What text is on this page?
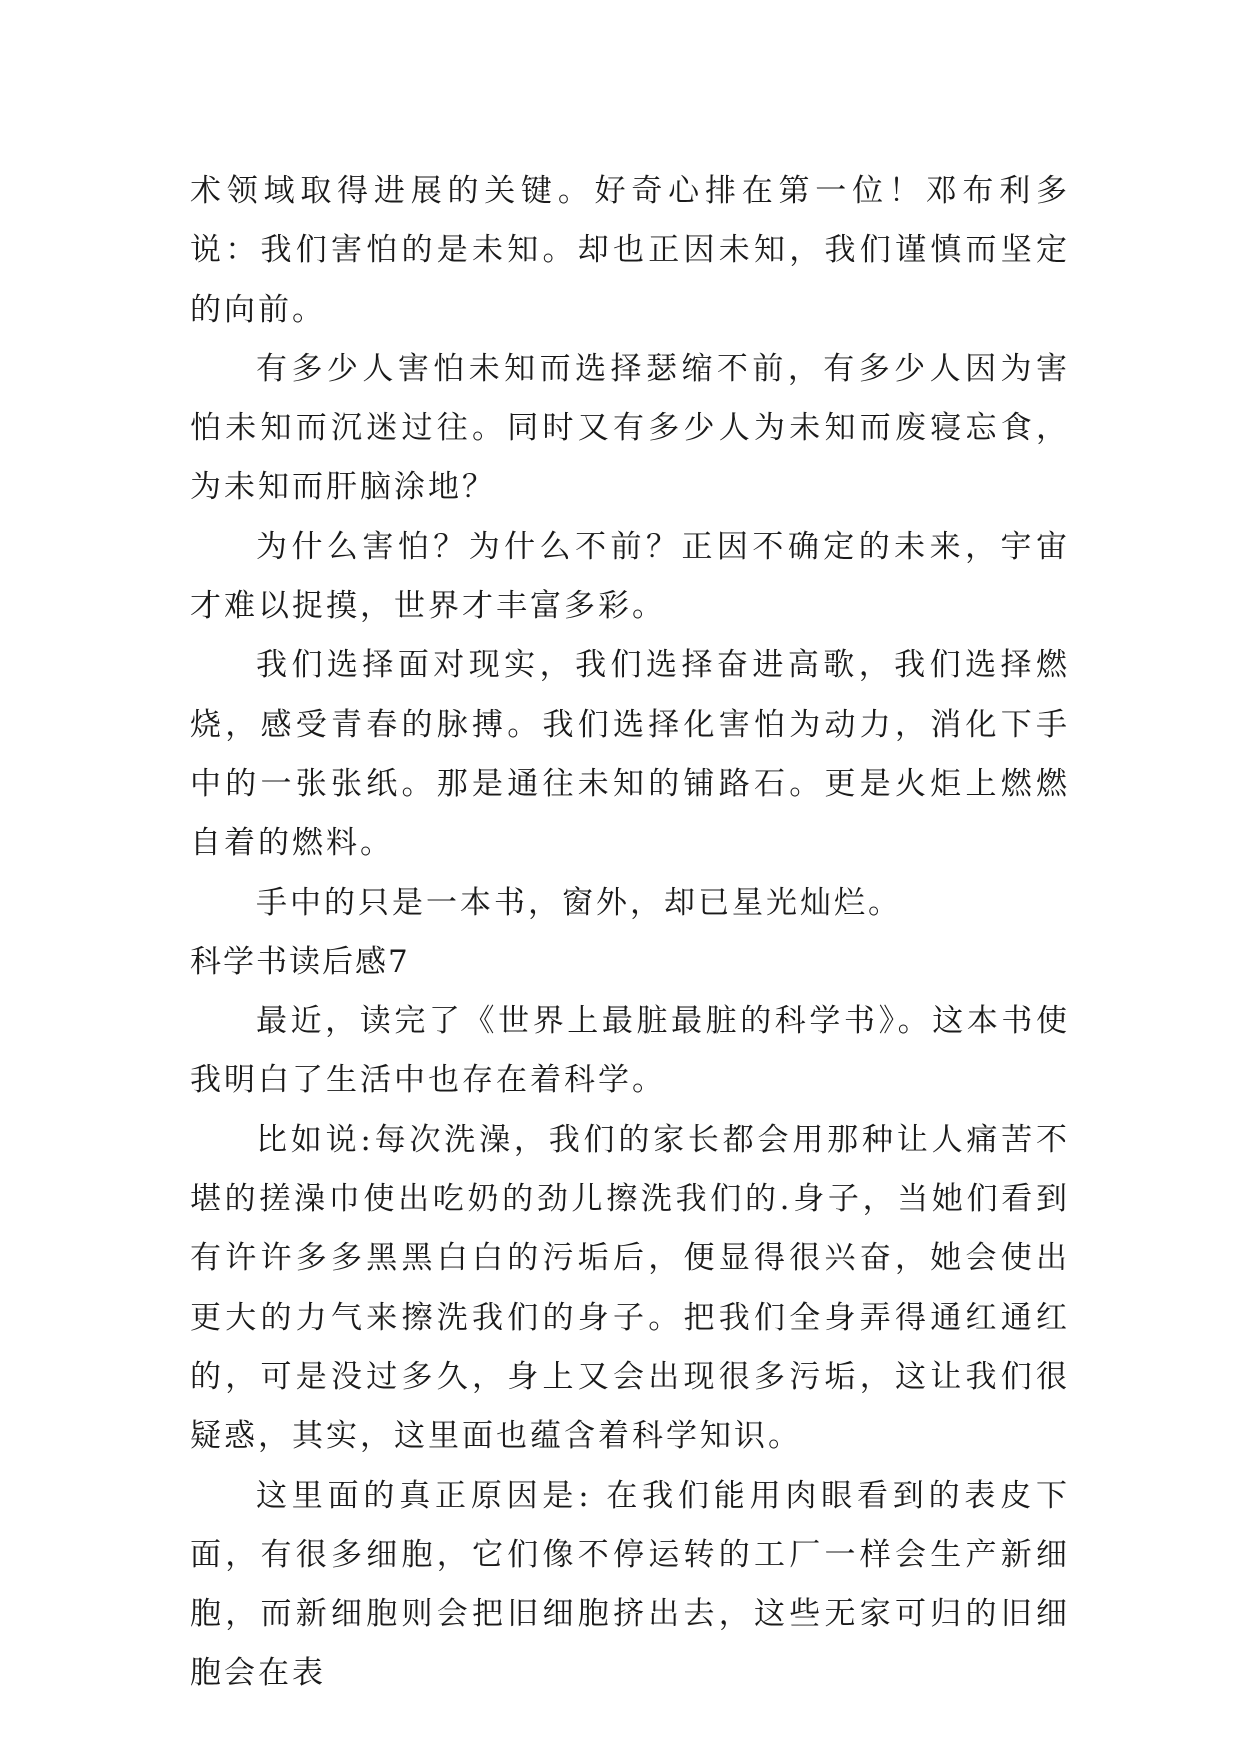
术领域取得进展的关键。好奇心排在第一位！邓布利多说：我们害怕的是未知。却也正因未知，我们谨慎而坚定的向前。

有多少人害怕未知而选择瑟缩不前，有多少人因为害怕未知而沉迷过往。同时又有多少人为未知而废寝忘食，为未知而肝脑涂地？

为什么害怕？为什么不前？正因不确定的未来，宇宙才难以捉摸，世界才丰富多彩。

我们选择面对现实，我们选择奋进高歌，我们选择燃烧，感受青春的脉搏。我们选择化害怕为动力，消化下手中的一张张纸。那是通往未知的铺路石。更是火炬上燃燃自着的燃料。

手中的只是一本书，窗外，却已星光灿烂。

科学书读后感7

最近，读完了《世界上最脏最脏的科学书》。这本书使我明白了生活中也存在着科学。

比如说:每次洗澡，我们的家长都会用那种让人痛苦不堪的搓澡巾使出吃奶的劲儿擦洗我们的.身子，当她们看到有许许多多黑黑白白的污垢后，便显得很兴奋，她会使出更大的力气来擦洗我们的身子。把我们全身弄得通红通红的，可是没过多久，身上又会出现很多污垢，这让我们很疑惑，其实，这里面也蕴含着科学知识。

这里面的真正原因是: 在我们能用肉眼看到的表皮下面，有很多细胞，它们像不停运转的工厂一样会生产新细胞，而新细胞则会把旧细胞挤出去，这些无家可归的旧细胞会在表
